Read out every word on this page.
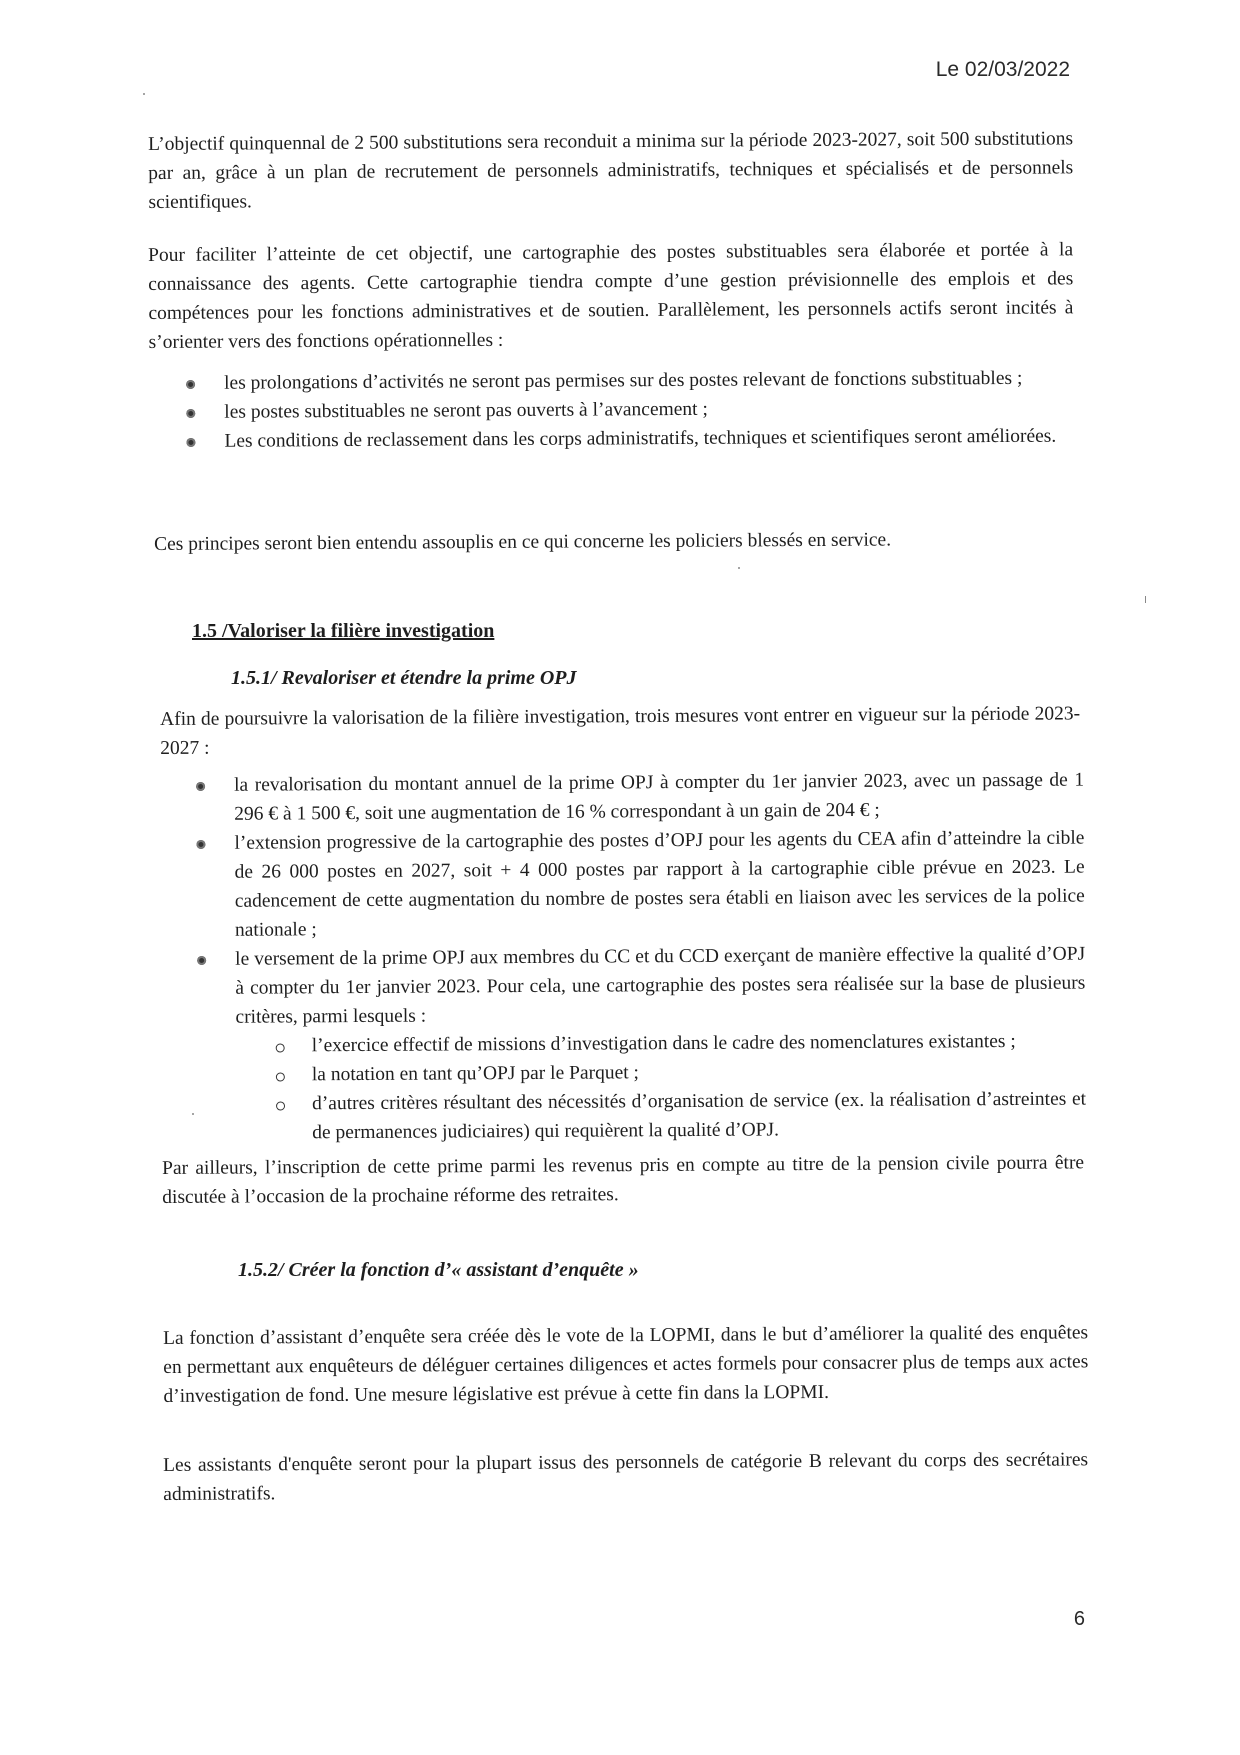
Le 02/03/2022

L’objectif quinquennal de 2 500 substitutions sera reconduit a minima sur la période 2023-2027, soit 500 substitutions par an, grâce à un plan de recrutement de personnels administratifs, techniques et spécialisés et de personnels scientifiques.

Pour faciliter l’atteinte de cet objectif, une cartographie des postes substituables sera élaborée et portée à la connaissance des agents. Cette cartographie tiendra compte d’une gestion prévisionnelle des emplois et des compétences pour les fonctions administratives et de soutien. Parallèlement, les personnels actifs seront incités à s’orienter vers des fonctions opérationnelles :

les prolongations d’activités ne seront pas permises sur des postes relevant de fonctions substituables ;
les postes substituables ne seront pas ouverts à l’avancement ;
Les conditions de reclassement dans les corps administratifs, techniques et scientifiques seront améliorées.

Ces principes seront bien entendu assouplis en ce qui concerne les policiers blessés en service.

1.5 /Valoriser la filière investigation
1.5.1/ Revaloriser et étendre la prime OPJ

Afin de poursuivre la valorisation de la filière investigation, trois mesures vont entrer en vigueur sur la période 2023-2027 :

la revalorisation du montant annuel de la prime OPJ à compter du 1er janvier 2023, avec un passage de 1 296 € à 1 500 €, soit une augmentation de 16 % correspondant à un gain de 204 € ;
l’extension progressive de la cartographie des postes d’OPJ pour les agents du CEA afin d’atteindre la cible de 26 000 postes en 2027, soit + 4 000 postes par rapport à la cartographie cible prévue en 2023. Le cadencement de cette augmentation du nombre de postes sera établi en liaison avec les services de la police nationale ;
le versement de la prime OPJ aux membres du CC et du CCD exerçant de manière effective la qualité d’OPJ à compter du 1er janvier 2023. Pour cela, une cartographie des postes sera réalisée sur la base de plusieurs critères, parmi lesquels :
l’exercice effectif de missions d’investigation dans le cadre des nomenclatures existantes ;
la notation en tant qu’OPJ par le Parquet ;
d’autres critères résultant des nécessités d’organisation de service (ex. la réalisation d’astreintes et de permanences judiciaires) qui requièrent la qualité d’OPJ.

Par ailleurs, l’inscription de cette prime parmi les revenus pris en compte au titre de la pension civile pourra être discutée à l’occasion de la prochaine réforme des retraites.

1.5.2/ Créer la fonction d’« assistant d’enquête »

La fonction d’assistant d’enquête sera créée dès le vote de la LOPMI, dans le but d’améliorer la qualité des enquêtes en permettant aux enquêteurs de déléguer certaines diligences et actes formels pour consacrer plus de temps aux actes d’investigation de fond. Une mesure législative est prévue à cette fin dans la LOPMI.

Les assistants d'enquête seront pour la plupart issus des personnels de catégorie B relevant du corps des secrétaires administratifs.

6
